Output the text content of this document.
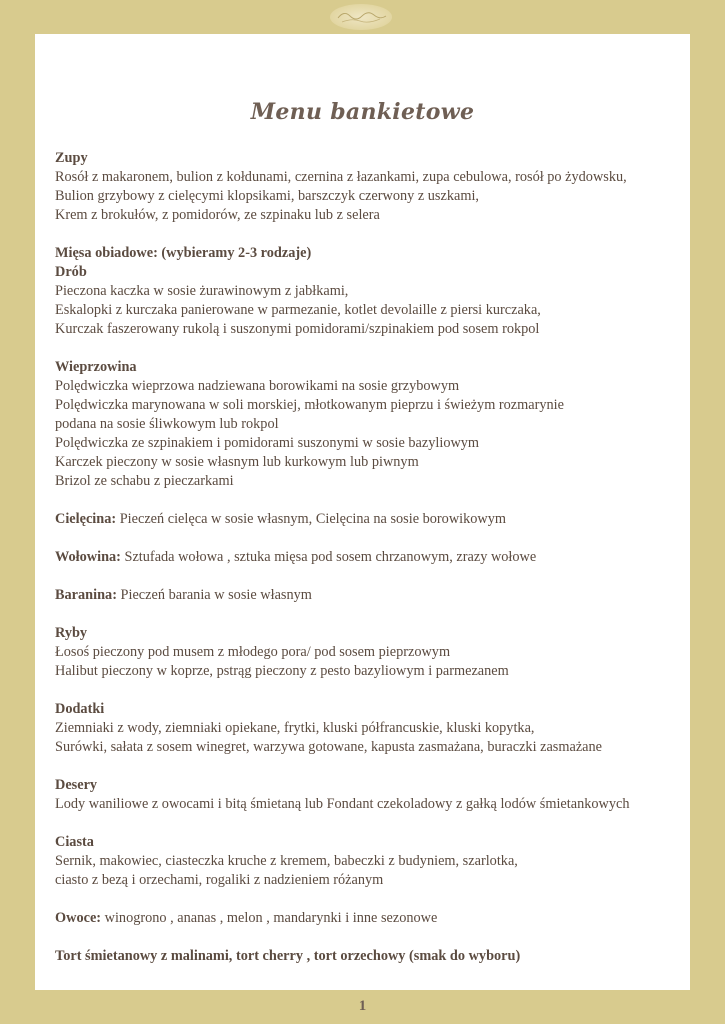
Menu bankietowe

Zupy

Rosół z makaronem, bulion z kołdunami, czernina z łazankami, zupa cebulowa, rosół po żydowsku,

Bulion grzybowy z cielęcymi klopsikami, barszczyk czerwony z uszkami,

Krem z brokułów, z pomidorów, ze szpinaku lub z selera

Mięsa obiadowe: (wybieramy 2-3 rodzaje)

Drób

Pieczona kaczka w sosie żurawinowym z jabłkami,

Eskalopki z kurczaka panierowane w parmezanie, kotlet devolaille z piersi kurczaka,

Kurczak faszerowany rukolą i suszonymi pomidorami/szpinakiem pod sosem rokpol

Wieprzowina

Polędwiczka wieprzowa nadziewana borowikami na sosie grzybowym

Polędwiczka marynowana w soli morskiej, młotkowanym pieprzu i świeżym rozmarynie

podana na sosie śliwkowym lub rokpol

Polędwiczka ze szpinakiem i pomidorami suszonymi w sosie bazyliowym

Karczek pieczony w sosie własnym lub kurkowym lub piwnym

Brizol ze schabu z pieczarkami

Cielęcina: Pieczeń cielęca w sosie własnym, Cielęcina na sosie borowikowym

Wołowina: Sztufada wołowa , sztuka mięsa pod sosem chrzanowym, zrazy wołowe

Baranina: Pieczeń barania w sosie własnym

Ryby

Łosoś pieczony pod musem z młodego pora/ pod sosem pieprzowym

Halibut pieczony w koprze, pstrąg pieczony z pesto bazyliowym i parmezanem

Dodatki

Ziemniaki z wody, ziemniaki opiekane, frytki, kluski półfrancuskie, kluski kopytka,

Surówki, sałata z sosem winegret, warzywa gotowane, kapusta zasmażana, buraczki zasmażane

Desery

Lody waniliowe z owocami i bitą śmietaną lub Fondant czekoladowy z gałką lodów śmietankowych

Ciasta

Sernik, makowiec, ciasteczka kruche z kremem, babeczki z budyniem, szarlotka,

ciasto z bezą i orzechami, rogaliki z nadzieniem różanym

Owoce: winogrono , ananas , melon , mandarynki i inne sezonowe

Tort śmietanowy z malinami, tort cherry , tort orzechowy (smak do wyboru)

1
